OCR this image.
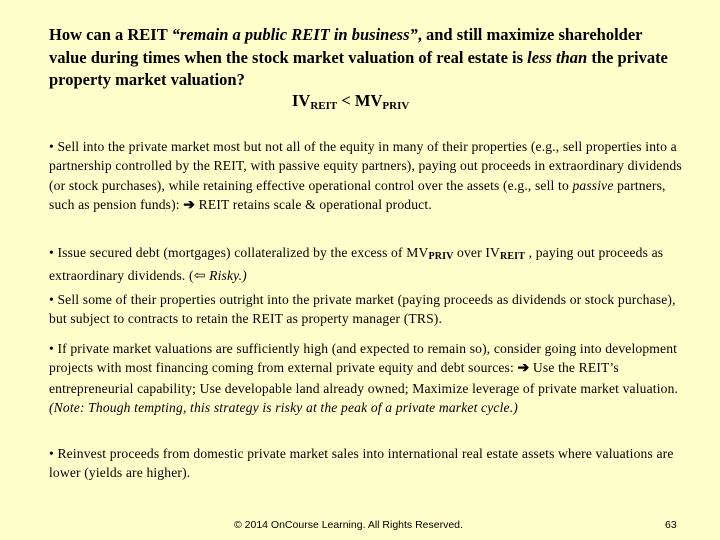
How can a REIT “remain a public REIT in business”, and still maximize shareholder value during times when the stock market valuation of real estate is less than the private property market valuation?
$IV_{REIT} < MV_{PRIV}$
• Sell into the private market most but not all of the equity in many of their properties (e.g., sell properties into a partnership controlled by the REIT, with passive equity partners), paying out proceeds in extraordinary dividends (or stock purchases), while retaining effective operational control over the assets (e.g., sell to passive partners, such as pension funds): ➔ REIT retains scale & operational product.
• Issue secured debt (mortgages) collateralized by the excess of MVPRIV over IVREIT , paying out proceeds as extraordinary dividends. (⇦ Risky.)
• Sell some of their properties outright into the private market (paying proceeds as dividends or stock purchase), but subject to contracts to retain the REIT as property manager (TRS).
• If private market valuations are sufficiently high (and expected to remain so), consider going into development projects with most financing coming from external private equity and debt sources: ➔ Use the REIT’s entrepreneurial capability; Use developable land already owned; Maximize leverage of private market valuation. (Note: Though tempting, this strategy is risky at the peak of a private market cycle.)
• Reinvest proceeds from domestic private market sales into international real estate assets where valuations are lower (yields are higher).
© 2014 OnCourse Learning. All Rights Reserved.	63
